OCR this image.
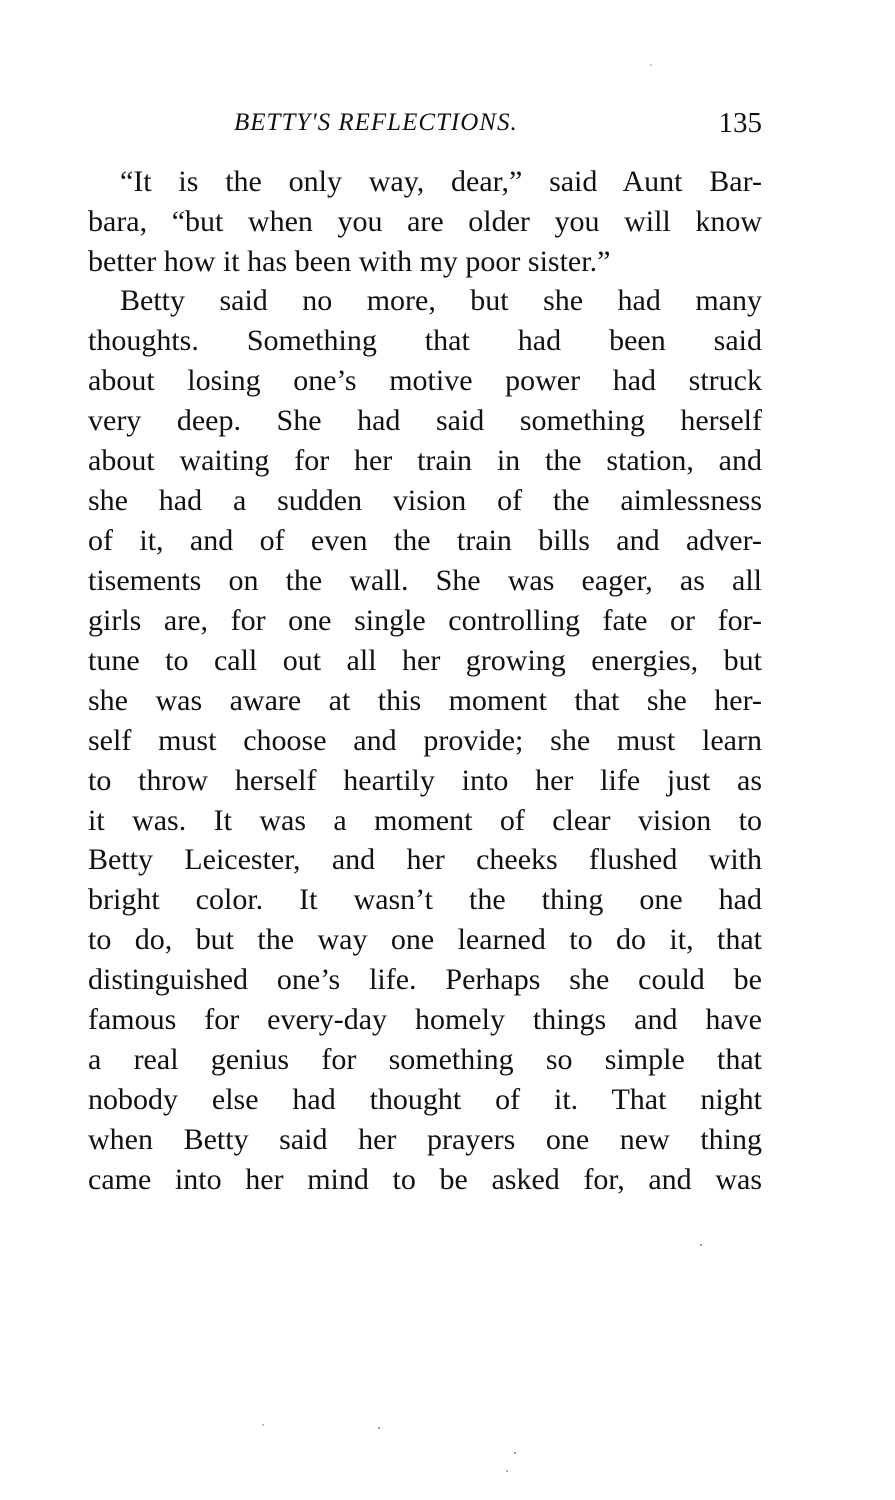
BETTY'S REFLECTIONS.	135
“It is the only way, dear,” said Aunt Bar-
bara, “but when you are older you will know
better how it has been with my poor sister.”
Betty said no more, but she had many
thoughts. Something that had been said
about losing one’s motive power had struck
very deep. She had said something herself
about waiting for her train in the station, and
she had a sudden vision of the aimlessness
of it, and of even the train bills and adver-
tisements on the wall. She was eager, as all
girls are, for one single controlling fate or for-
tune to call out all her growing energies, but
she was aware at this moment that she her-
self must choose and provide; she must learn
to throw herself heartily into her life just as
it was. It was a moment of clear vision to
Betty Leicester, and her cheeks flushed with
bright color. It wasn’t the thing one had
to do, but the way one learned to do it, that
distinguished one’s life. Perhaps she could be
famous for every-day homely things and have
a real genius for something so simple that
nobody else had thought of it. That night
when Betty said her prayers one new thing
came into her mind to be asked for, and was
